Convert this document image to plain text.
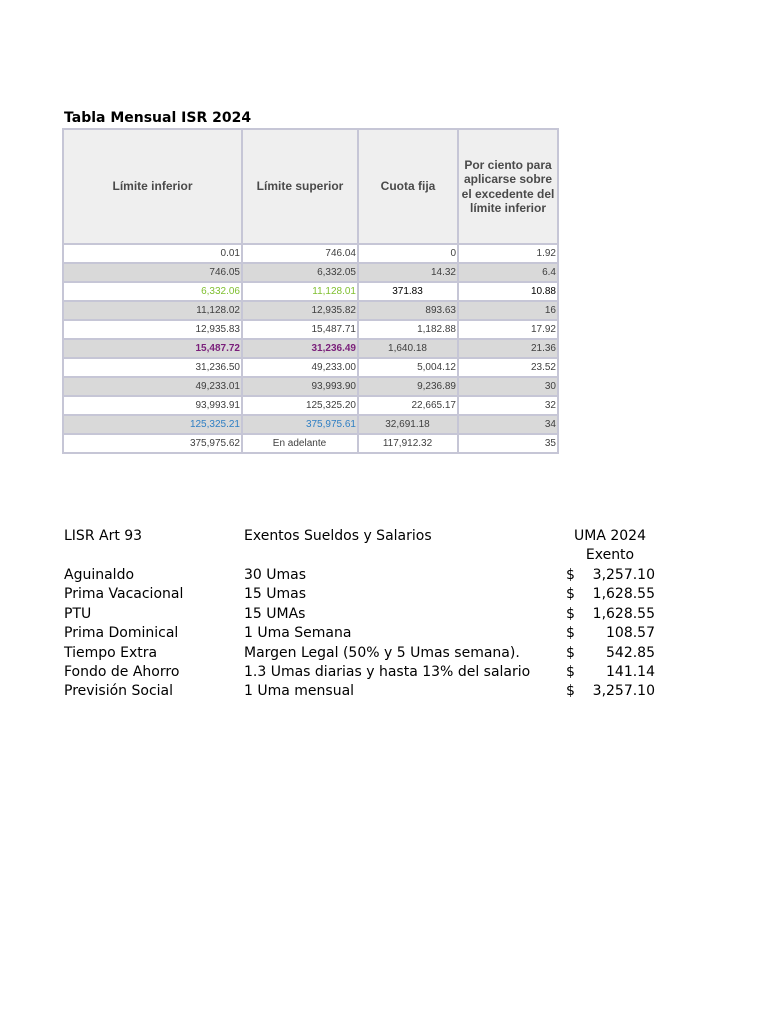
Tabla Mensual ISR 2024
Límite inferior	Límite superior	Cuota fija	Por ciento para aplicarse sobre el excedente del límite inferior
0.01	746.04	0	1.92
746.05	6,332.05	14.32	6.4
6,332.06	11,128.01	371.83	10.88
11,128.02	12,935.82	893.63	16
12,935.83	15,487.71	1,182.88	17.92
15,487.72	31,236.49	1,640.18	21.36
31,236.50	49,233.00	5,004.12	23.52
49,233.01	93,993.90	9,236.89	30
93,993.91	125,325.20	22,665.17	32
125,325.21	375,975.61	32,691.18	34
375,975.62	En adelante	117,912.32	35
LISR Art 93	Exentos Sueldos y Salarios	UMA 2024
Exento
Aguinaldo	30 Umas	$ 3,257.10
Prima Vacacional	15 Umas	$ 1,628.55
PTU	15 UMAs	$ 1,628.55
Prima Dominical	1 Uma Semana	$ 108.57
Tiempo Extra	Margen Legal (50% y 5 Umas semana).	$ 542.85
Fondo de Ahorro	1.3 Umas diarias y hasta 13% del salario	$ 141.14
Previsión Social	1 Uma mensual	$ 3,257.10
